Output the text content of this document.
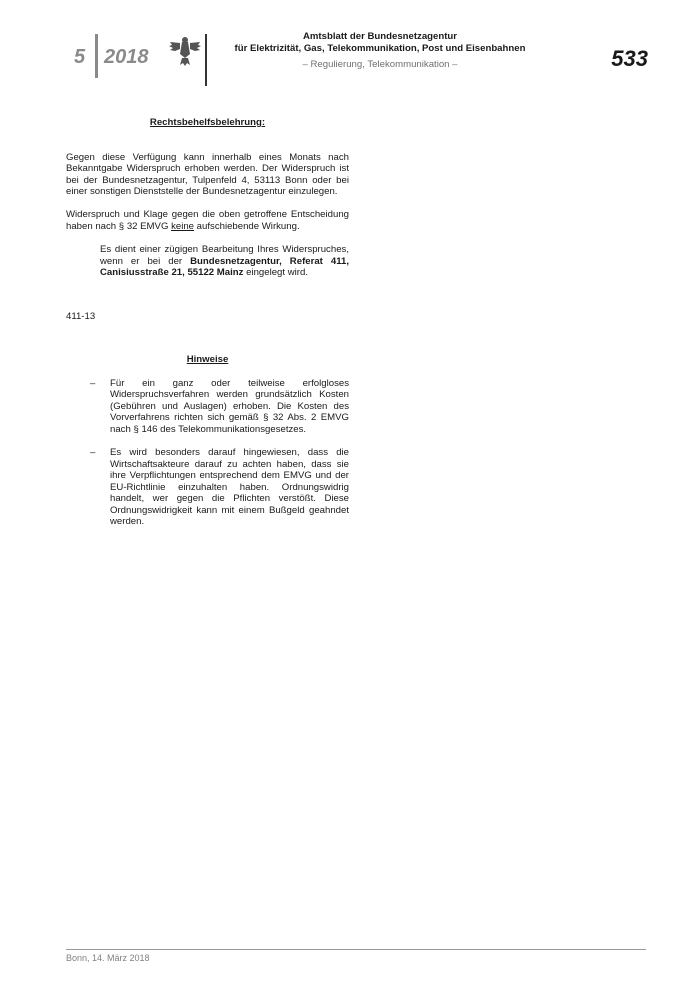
5 2018
Amtsblatt der Bundesnetzagentur
für Elektrizität, Gas, Telekommunikation, Post und Eisenbahnen
– Regulierung, Telekommunikation –	533
Rechtsbehelfsbelehrung:

Gegen diese Verfügung kann innerhalb eines Monats nach Bekanntgabe Widerspruch erhoben werden. Der Widerspruch ist bei der Bundesnetzagentur, Tulpenfeld 4, 53113 Bonn oder bei einer sonstigen Dienststelle der Bundesnetzagentur einzulegen.

Widerspruch und Klage gegen die oben getroffene Entscheidung haben nach § 32 EMVG keine aufschiebende Wirkung.

Es dient einer zügigen Bearbeitung Ihres Widerspruches, wenn er bei der Bundesnetzagentur, Referat 411, Canisiusstraße 21, 55122 Mainz eingelegt wird.

411-13
Hinweise
–	Für ein ganz oder teilweise erfolgloses Widerspruchsverfahren werden grundsätzlich Kosten (Gebühren und Auslagen) erhoben. Die Kosten des Vorverfahrens richten sich gemäß § 32 Abs. 2 EMVG nach § 146 des Telekommunikationsgesetzes.
–	Es wird besonders darauf hingewiesen, dass die Wirtschaftsakteure darauf zu achten haben, dass sie ihre Verpflichtungen entsprechend dem EMVG und der EU-Richtlinie einzuhalten haben. Ordnungswidrig handelt, wer gegen die Pflichten verstößt. Diese Ordnungswidrigkeit kann mit einem Bußgeld geahndet werden.
Bonn, 14. März 2018
